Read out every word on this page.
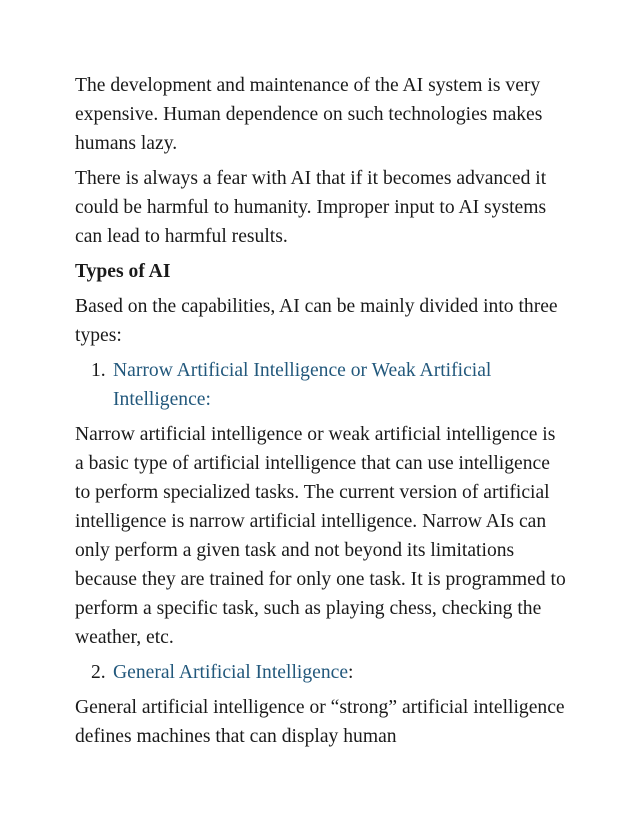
The development and maintenance of the AI system is very expensive. Human dependence on such technologies makes humans lazy.

There is always a fear with AI that if it becomes advanced it could be harmful to humanity. Improper input to AI systems can lead to harmful results.

Types of AI

Based on the capabilities, AI can be mainly divided into three types:

1. Narrow Artificial Intelligence or Weak Artificial Intelligence:

Narrow artificial intelligence or weak artificial intelligence is a basic type of artificial intelligence that can use intelligence to perform specialized tasks. The current version of artificial intelligence is narrow artificial intelligence. Narrow AIs can only perform a given task and not beyond its limitations because they are trained for only one task. It is programmed to perform a specific task, such as playing chess, checking the weather, etc.

2. General Artificial Intelligence:

General artificial intelligence or “strong” artificial intelligence defines machines that can display human
